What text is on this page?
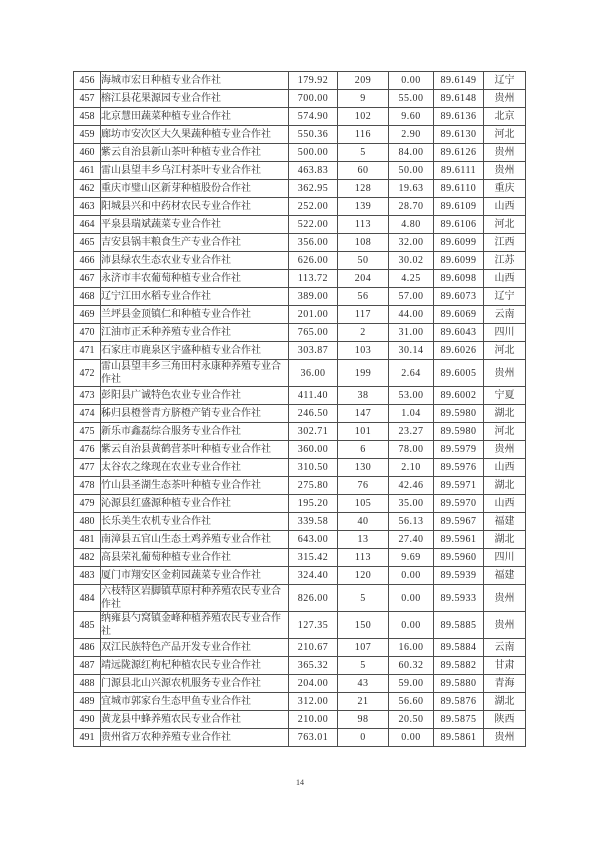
456	海城市宏日种植专业合作社	179.92	209	0.00	89.6149	辽宁
457	榕江县花果源园专业合作社	700.00	9	55.00	89.6148	贵州
458	北京慧田蔬菜种植专业合作社	574.90	102	9.60	89.6136	北京
459	廊坊市安次区大久果蔬种植专业合作社	550.36	116	2.90	89.6130	河北
460	紫云自治县新山茶叶种植专业合作社	500.00	5	84.00	89.6126	贵州
461	雷山县望丰乡乌江村茶叶专业合作社	463.83	60	50.00	89.6111	贵州
462	重庆市璧山区新芽种植股份合作社	362.95	128	19.63	89.6110	重庆
463	阳城县兴和中药材农民专业合作社	252.00	139	28.70	89.6109	山西
464	平泉县瑞斌蔬菜专业合作社	522.00	113	4.80	89.6106	河北
465	吉安县锅丰粮食生产专业合作社	356.00	108	32.00	89.6099	江西
466	沛县绿农生态农业专业合作社	626.00	50	30.02	89.6099	江苏
467	永济市丰农葡萄种植专业合作社	113.72	204	4.25	89.6098	山西
468	辽宁江田水稻专业合作社	389.00	56	57.00	89.6073	辽宁
469	兰坪县金顶镇仁和种植专业合作社	201.00	117	44.00	89.6069	云南
470	江油市正禾种养殖专业合作社	765.00	2	31.00	89.6043	四川
471	石家庄市鹿泉区宇盛种植专业合作社	303.87	103	30.14	89.6026	河北
472	雷山县望丰乡三角田村永康种养殖专业合作社	36.00	199	2.64	89.6005	贵州
473	彭阳县广诚特色农业专业合作社	411.40	38	53.00	89.6002	宁夏
474	秭归县橙誉青方脐橙产销专业合作社	246.50	147	1.04	89.5980	湖北
475	新乐市鑫磊综合服务专业合作社	302.71	101	23.27	89.5980	河北
476	紫云自治县黄鹤营茶叶种植专业合作社	360.00	6	78.00	89.5979	贵州
477	太谷农之缘现在农业专业合作社	310.50	130	2.10	89.5976	山西
478	竹山县圣湖生态茶叶种植专业合作社	275.80	76	42.46	89.5971	湖北
479	沁源县红盛源种植专业合作社	195.20	105	35.00	89.5970	山西
480	长乐美生农机专业合作社	339.58	40	56.13	89.5967	福建
481	南漳县五官山生态土鸡养殖专业合作社	643.00	13	27.40	89.5961	湖北
482	高县荣礼葡萄种植专业合作社	315.42	113	9.69	89.5960	四川
483	厦门市翔安区金莉园蔬菜专业合作社	324.40	120	0.00	89.5939	福建
484	六枝特区岩脚镇草原村种养殖农民专业合作社	826.00	5	0.00	89.5933	贵州
485	纳雍县勺窝镇金峰种植养殖农民专业合作社	127.35	150	0.00	89.5885	贵州
486	双江民族特色产品开发专业合作社	210.67	107	16.00	89.5884	云南
487	靖远陇源红枸杞种植农民专业合作社	365.32	5	60.32	89.5882	甘肃
488	门源县北山兴源农机服务专业合作社	204.00	43	59.00	89.5880	青海
489	宜城市郭家台生态甲鱼专业合作社	312.00	21	56.60	89.5876	湖北
490	黄龙县中蜂养殖农民专业合作社	210.00	98	20.50	89.5875	陕西
491	贵州省万农种养殖专业合作社	763.01	0	0.00	89.5861	贵州
14
